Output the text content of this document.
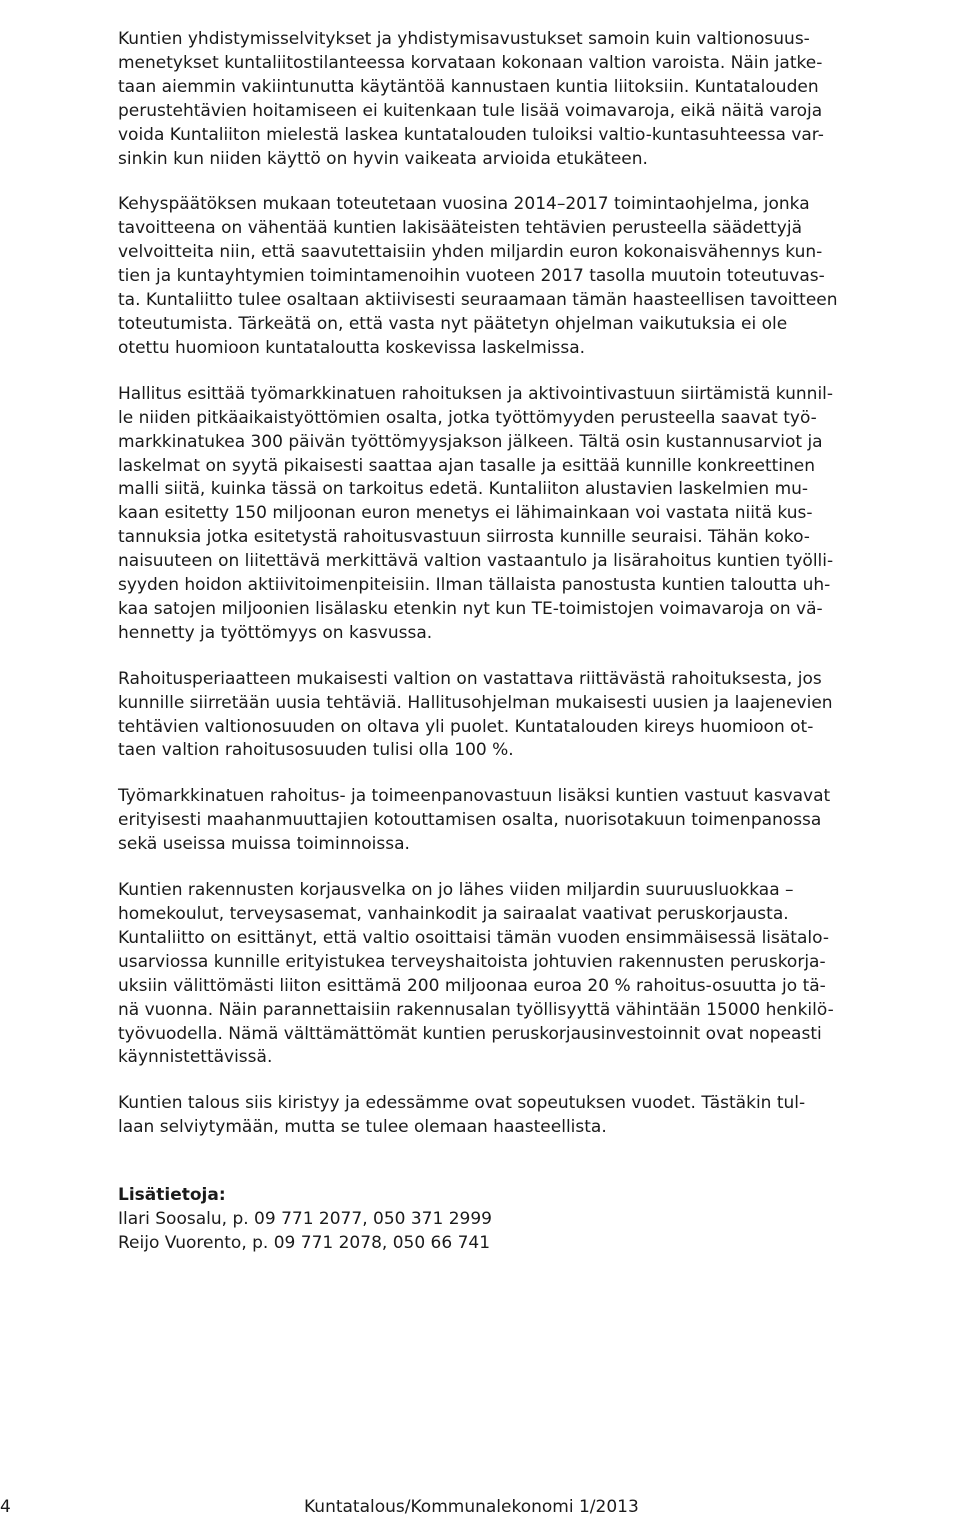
Kuntien yhdistymisselvitykset ja yhdistymisavustukset samoin kuin valtionosuus-
menetykset kuntaliitostilanteessa korvataan kokonaan valtion varoista. Näin jatke-
taan aiemmin vakiintunutta käytäntöä kannustaen kuntia liitoksiin. Kuntatalouden
perustehtävien hoitamiseen ei kuitenkaan tule lisää voimavaroja, eikä näitä varoja
voida Kuntaliiton mielestä laskea kuntatalouden tuloiksi valtio-kuntasuhteessa var-
sinkin kun niiden käyttö on hyvin vaikeata arvioida etukäteen.

Kehyspäätöksen mukaan toteutetaan vuosina 2014–2017 toimintaohjelma, jonka
tavoitteena on vähentää kuntien lakisääteisten tehtävien perusteella säädettyjä
velvoitteita niin, että saavutettaisiin yhden miljardin euron kokonaisvähennys kun-
tien ja kuntayhtymien toimintamenoihin vuoteen 2017 tasolla muutoin toteutuvas-
ta. Kuntaliitto tulee osaltaan aktiivisesti seuraamaan tämän haasteellisen tavoitteen
toteutumista. Tärkeätä on, että vasta nyt päätetyn ohjelman vaikutuksia ei ole
otettu huomioon kuntataloutta koskevissa laskelmissa.

Hallitus esittää työmarkkinatuen rahoituksen ja aktivointivastuun siirtämistä kunnil-
le niiden pitkäaikaistyöttömien osalta, jotka työttömyyden perusteella saavat työ-
markkinatukea 300 päivän työttömyysjakson jälkeen. Tältä osin kustannusarviot ja
laskelmat on syytä pikaisesti saattaa ajan tasalle ja esittää kunnille konkreettinen
malli siitä, kuinka tässä on tarkoitus edetä. Kuntaliiton alustavien laskelmien mu-
kaan esitetty 150 miljoonan euron menetys ei lähimainkaan voi vastata niitä kus-
tannuksia jotka esitetystä rahoitusvastuun siirrosta kunnille seuraisi. Tähän koko-
naisuuteen on liitettävä merkittävä valtion vastaantulo ja lisärahoitus kuntien työlli-
syyden hoidon aktiivitoimenpiteisiin. Ilman tällaista panostusta kuntien taloutta uh-
kaa satojen miljoonien lisälasku etenkin nyt kun TE-toimistojen voimavaroja on vä-
hennetty ja työttömyys on kasvussa.

Rahoitusperiaatteen mukaisesti valtion on vastattava riittävästä rahoituksesta, jos
kunnille siirretään uusia tehtäviä. Hallitusohjelman mukaisesti uusien ja laajenevien
tehtävien valtionosuuden on oltava yli puolet. Kuntatalouden kireys huomioon ot-
taen valtion rahoitusosuuden tulisi olla 100 %.

Työmarkkinatuen rahoitus- ja toimeenpanovastuun lisäksi kuntien vastuut kasvavat
erityisesti maahanmuuttajien kotouttamisen osalta, nuorisotakuun toimenpanossa
sekä useissa muissa toiminnoissa.

Kuntien rakennusten korjausvelka on jo lähes viiden miljardin suuruusluokkaa –
homekoulut, terveysasemat, vanhainkodit ja sairaalat vaativat peruskorjausta.
Kuntaliitto on esittänyt, että valtio osoittaisi tämän vuoden ensimmäisessä lisätalo-
usarviossa kunnille erityistukea terveyshaitoista johtuvien rakennusten peruskorja-
uksiin välittömästi liiton esittämä 200 miljoonaa euroa 20 % rahoitus-osuutta jo tä-
nä vuonna. Näin parannettaisiin rakennusalan työllisyyttä vähintään 15000 henkilö-
työvuodella. Nämä välttämättömät kuntien peruskorjausinvestoinnit ovat nopeasti
käynnistettävissä.

Kuntien talous siis kiristyy ja edessämme ovat sopeutuksen vuodet. Tästäkin tul-
laan selviytymään, mutta se tulee olemaan haasteellista.

Lisätietoja:
Ilari Soosalu, p. 09 771 2077, 050 371 2999
Reijo Vuorento, p. 09 771 2078, 050 66 741
4	Kuntatalous/Kommunalekonomi 1/2013
